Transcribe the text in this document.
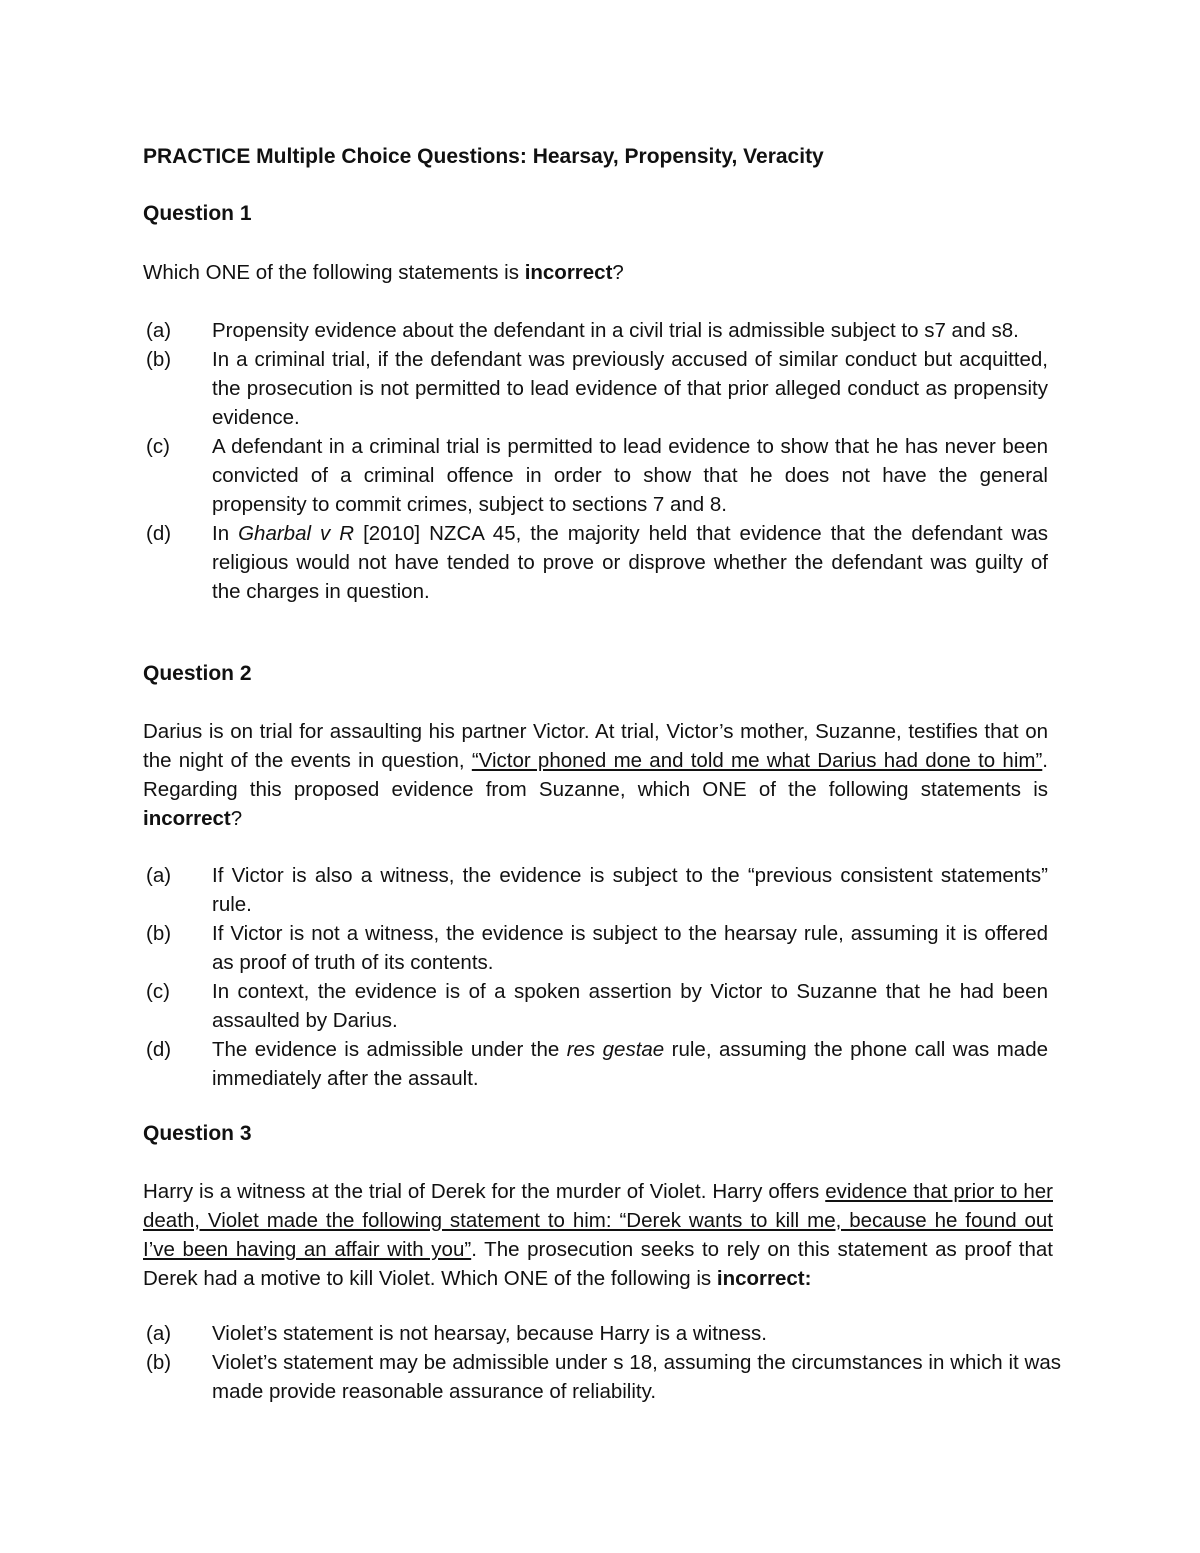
PRACTICE Multiple Choice Questions: Hearsay, Propensity, Veracity

Question 1

Which ONE of the following statements is incorrect?

(a) Propensity evidence about the defendant in a civil trial is admissible subject to s7 and s8.
(b) In a criminal trial, if the defendant was previously accused of similar conduct but acquitted, the prosecution is not permitted to lead evidence of that prior alleged conduct as propensity evidence.
(c) A defendant in a criminal trial is permitted to lead evidence to show that he has never been convicted of a criminal offence in order to show that he does not have the general propensity to commit crimes, subject to sections 7 and 8.
(d) In Gharbal v R [2010] NZCA 45, the majority held that evidence that the defendant was religious would not have tended to prove or disprove whether the defendant was guilty of the charges in question.

Question 2

Darius is on trial for assaulting his partner Victor. At trial, Victor’s mother, Suzanne, testifies that on the night of the events in question, “Victor phoned me and told me what Darius had done to him”. Regarding this proposed evidence from Suzanne, which ONE of the following statements is incorrect?

(a) If Victor is also a witness, the evidence is subject to the “previous consistent statements” rule.
(b) If Victor is not a witness, the evidence is subject to the hearsay rule, assuming it is offered as proof of truth of its contents.
(c) In context, the evidence is of a spoken assertion by Victor to Suzanne that he had been assaulted by Darius.
(d) The evidence is admissible under the res gestae rule, assuming the phone call was made immediately after the assault.

Question 3

Harry is a witness at the trial of Derek for the murder of Violet. Harry offers evidence that prior to her death, Violet made the following statement to him: “Derek wants to kill me, because he found out I’ve been having an affair with you”. The prosecution seeks to rely on this statement as proof that Derek had a motive to kill Violet. Which ONE of the following is incorrect:

(a) Violet’s statement is not hearsay, because Harry is a witness.
(b) Violet’s statement may be admissible under s 18, assuming the circumstances in which it was made provide reasonable assurance of reliability.
